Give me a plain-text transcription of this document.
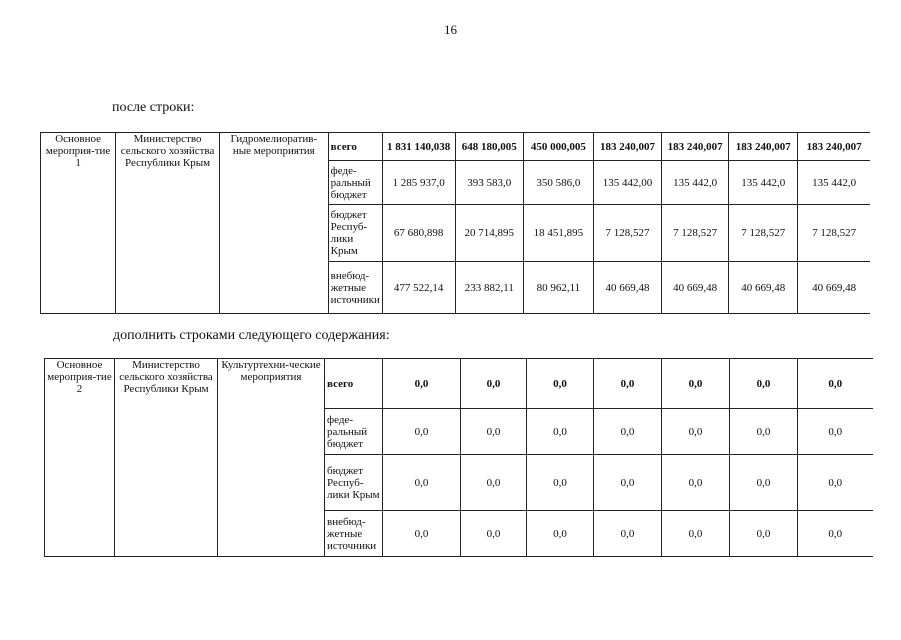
16
после строки:
Основное мероприя-тие 1	Министерство сельского хозяйства Республики Крым	Гидромелиоратив-ные мероприятия	всего	1 831 140,038	648 180,005	450 000,005	183 240,007	183 240,007	183 240,007	183 240,007
			феде-ральный бюджет	1 285 937,0	393 583,0	350 586,0	135 442,00	135 442,0	135 442,0	135 442,0
			бюджет Респуб-лики Крым	67 680,898	20 714,895	18 451,895	7 128,527	7 128,527	7 128,527	7 128,527
			внебюд-жетные источники	477 522,14	233 882,11	80 962,11	40 669,48	40 669,48	40 669,48	40 669,48
дополнить строками следующего содержания:
Основное мероприя-тие 2	Министерство сельского хозяйства Республики Крым	Культуртехни-ческие мероприятия	всего	0,0	0,0	0,0	0,0	0,0	0,0	0,0
			феде-ральный бюджет	0,0	0,0	0,0	0,0	0,0	0,0	0,0
			бюджет Респуб-лики Крым	0,0	0,0	0,0	0,0	0,0	0,0	0,0
			внебюд-жетные источники	0,0	0,0	0,0	0,0	0,0	0,0	0,0
